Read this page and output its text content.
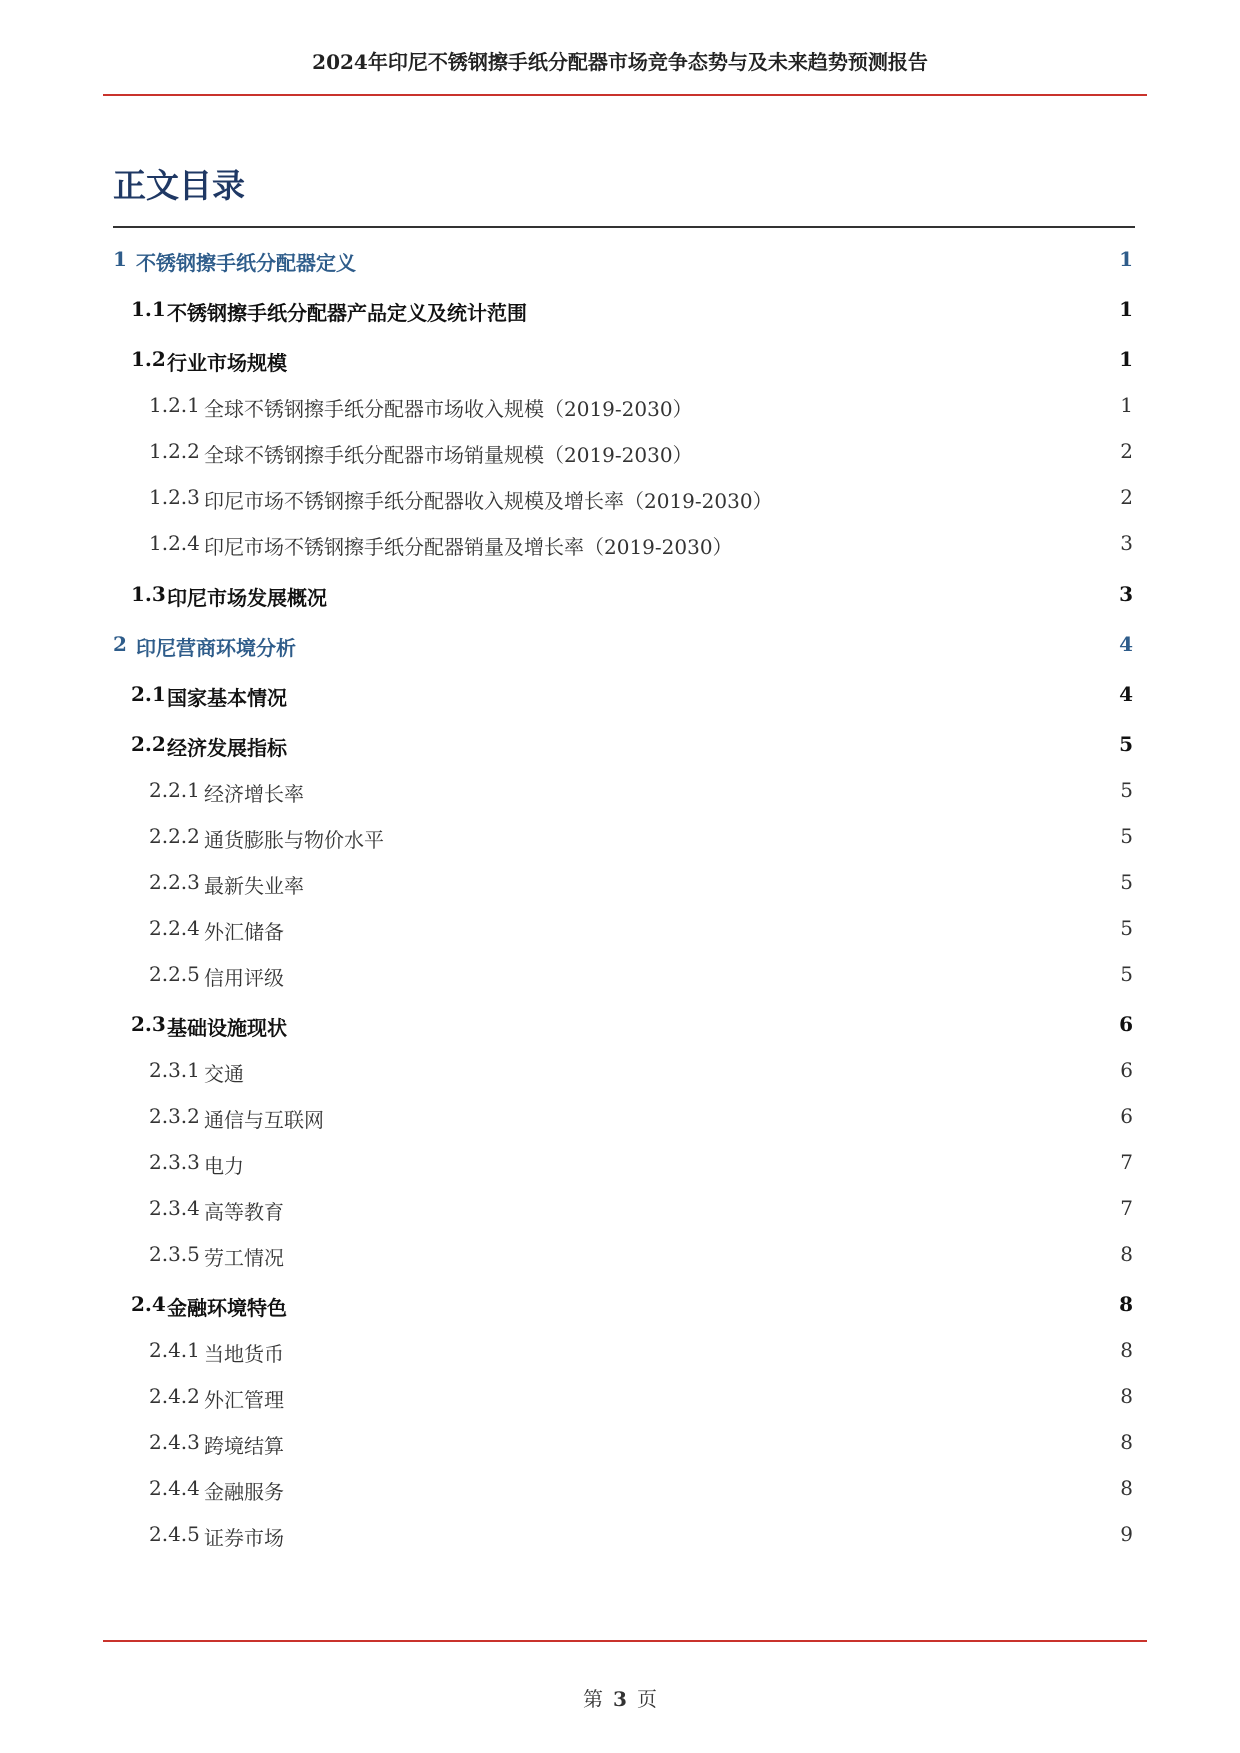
2024年印尼不锈钢擦手纸分配器市场竞争态势与及未来趋势预测报告
正文目录
1 不锈钢擦手纸分配器定义	1
1.1 不锈钢擦手纸分配器产品定义及统计范围	1
1.2 行业市场规模	1
1.2.1 全球不锈钢擦手纸分配器市场收入规模（2019-2030）	1
1.2.2 全球不锈钢擦手纸分配器市场销量规模（2019-2030）	2
1.2.3 印尼市场不锈钢擦手纸分配器收入规模及增长率（2019-2030）	2
1.2.4 印尼市场不锈钢擦手纸分配器销量及增长率（2019-2030）	3
1.3 印尼市场发展概况	3
2 印尼营商环境分析	4
2.1 国家基本情况	4
2.2 经济发展指标	5
2.2.1 经济增长率	5
2.2.2 通货膨胀与物价水平	5
2.2.3 最新失业率	5
2.2.4 外汇储备	5
2.2.5 信用评级	5
2.3 基础设施现状	6
2.3.1 交通	6
2.3.2 通信与互联网	6
2.3.3 电力	7
2.3.4 高等教育	7
2.3.5 劳工情况	8
2.4 金融环境特色	8
2.4.1 当地货币	8
2.4.2 外汇管理	8
2.4.3 跨境结算	8
2.4.4 金融服务	8
2.4.5 证券市场	9
第 3 页
